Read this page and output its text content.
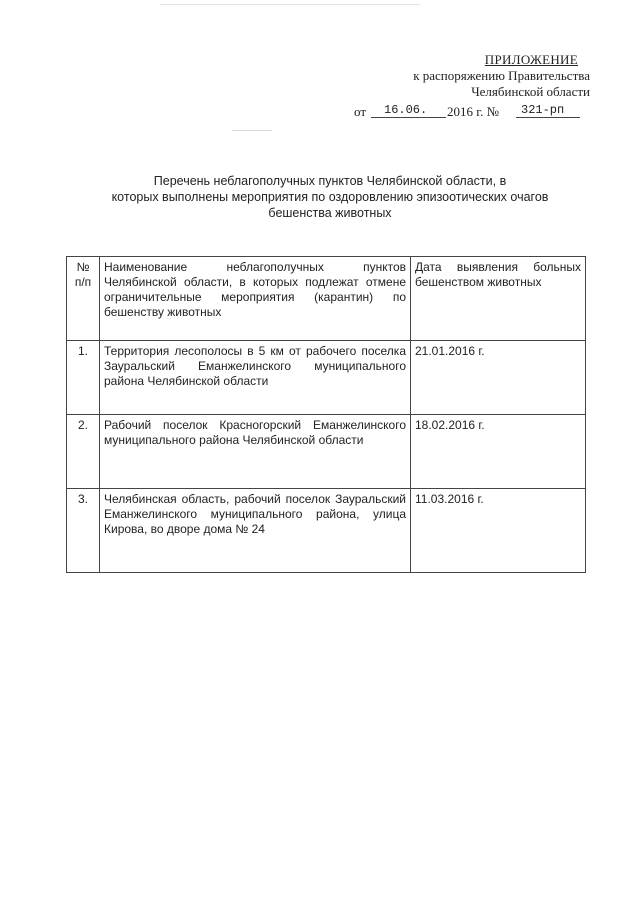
ПРИЛОЖЕНИЕ
к распоряжению Правительства
Челябинской области
от 16.06. 2016 г. № 321-рп
Перечень неблагополучных пунктов Челябинской области, в
которых выполнены мероприятия по оздоровлению эпизоотических очагов
бешенства животных
№ п/п	Наименование неблагополучных пунктов Челябинской области, в которых подлежат отмене ограничительные мероприятия (карантин) по бешенству животных	Дата выявления больных бешенством животных
1.	Территория лесополосы в 5 км от рабочего поселка Зауральский Еманжелинского муниципального района Челябинской области	21.01.2016 г.
2.	Рабочий поселок Красногорский Еманжелинского муниципального района Челябинской области	18.02.2016 г.
3.	Челябинская область, рабочий поселок Зауральский Еманжелинского муниципального района, улица Кирова, во дворе дома № 24	11.03.2016 г.
